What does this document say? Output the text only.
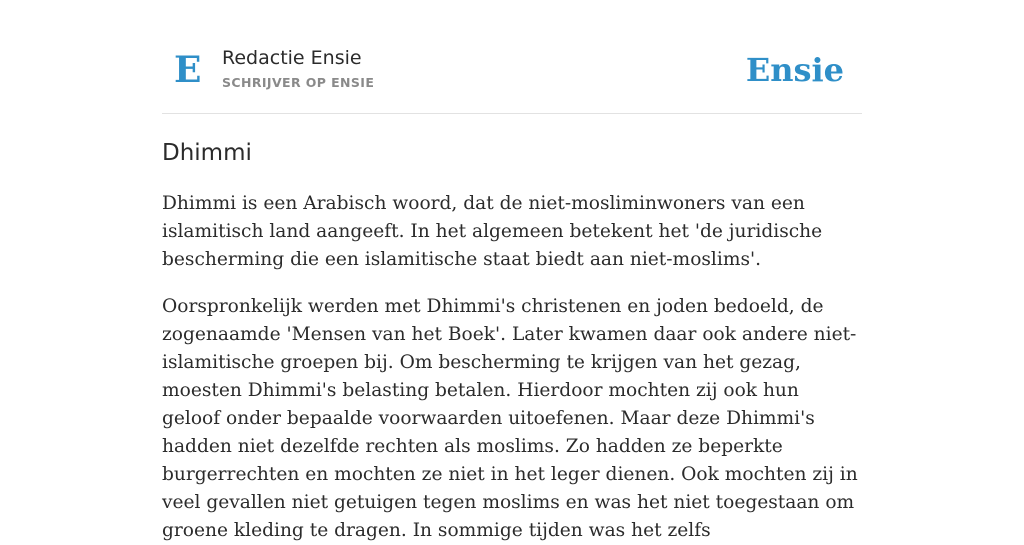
E Redactie Ensie
SCHRIJVER OP ENSIE	Ensie
Dhimmi

Dhimmi is een Arabisch woord, dat de niet-mosliminwoners van een islamitisch land aangeeft. In het algemeen betekent het 'de juridische bescherming die een islamitische staat biedt aan niet-moslims'.

Oorspronkelijk werden met Dhimmi's christenen en joden bedoeld, de zogenaamde 'Mensen van het Boek'. Later kwamen daar ook andere niet-islamitische groepen bij. Om bescherming te krijgen van het gezag, moesten Dhimmi's belasting betalen. Hierdoor mochten zij ook hun geloof onder bepaalde voorwaarden uitoefenen. Maar deze Dhimmi's hadden niet dezelfde rechten als moslims. Zo hadden ze beperkte burgerrechten en mochten ze niet in het leger dienen. Ook mochten zij in veel gevallen niet getuigen tegen moslims en was het niet toegestaan om groene kleding te dragen. In sommige tijden was het zelfs
